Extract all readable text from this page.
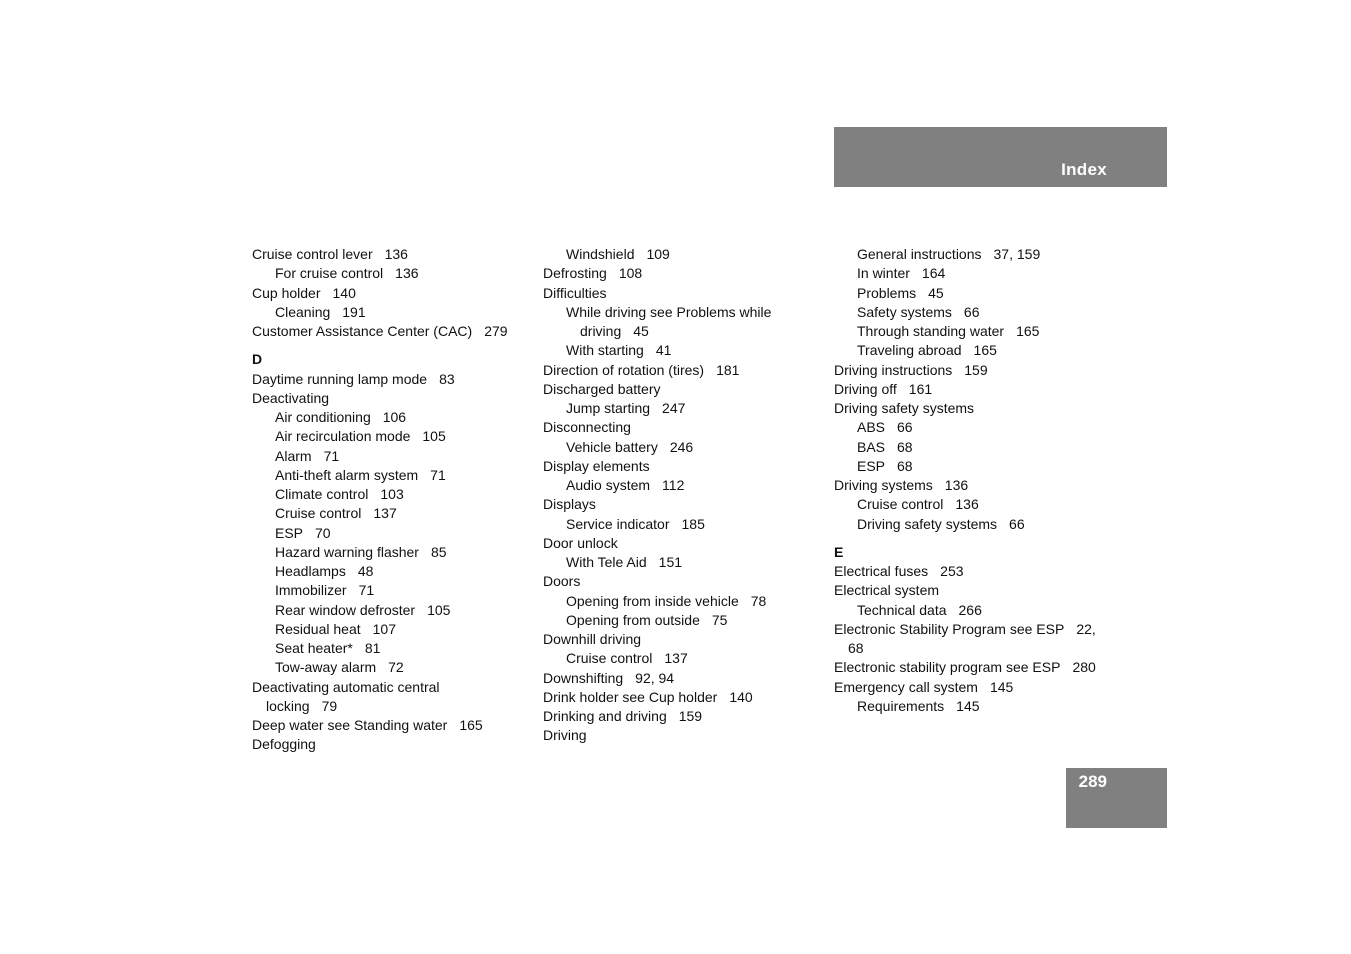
Index
Cruise control lever 136
For cruise control 136
Cup holder 140
Cleaning 191
Customer Assistance Center (CAC) 279
D
Daytime running lamp mode 83
Deactivating
Air conditioning 106
Air recirculation mode 105
Alarm 71
Anti-theft alarm system 71
Climate control 103
Cruise control 137
ESP 70
Hazard warning flasher 85
Headlamps 48
Immobilizer 71
Rear window defroster 105
Residual heat 107
Seat heater* 81
Tow-away alarm 72
Deactivating automatic central
locking 79
Deep water see Standing water 165
Defogging
Windshield 109
Defrosting 108
Difficulties
While driving see Problems while
driving 45
With starting 41
Direction of rotation (tires) 181
Discharged battery
Jump starting 247
Disconnecting
Vehicle battery 246
Display elements
Audio system 112
Displays
Service indicator 185
Door unlock
With Tele Aid 151
Doors
Opening from inside vehicle 78
Opening from outside 75
Downhill driving
Cruise control 137
Downshifting 92, 94
Drink holder see Cup holder 140
Drinking and driving 159
Driving
General instructions 37, 159
In winter 164
Problems 45
Safety systems 66
Through standing water 165
Traveling abroad 165
Driving instructions 159
Driving off 161
Driving safety systems
ABS 66
BAS 68
ESP 68
Driving systems 136
Cruise control 136
Driving safety systems 66
E
Electrical fuses 253
Electrical system
Technical data 266
Electronic Stability Program see ESP 22,
68
Electronic stability program see ESP 280
Emergency call system 145
Requirements 145
289
